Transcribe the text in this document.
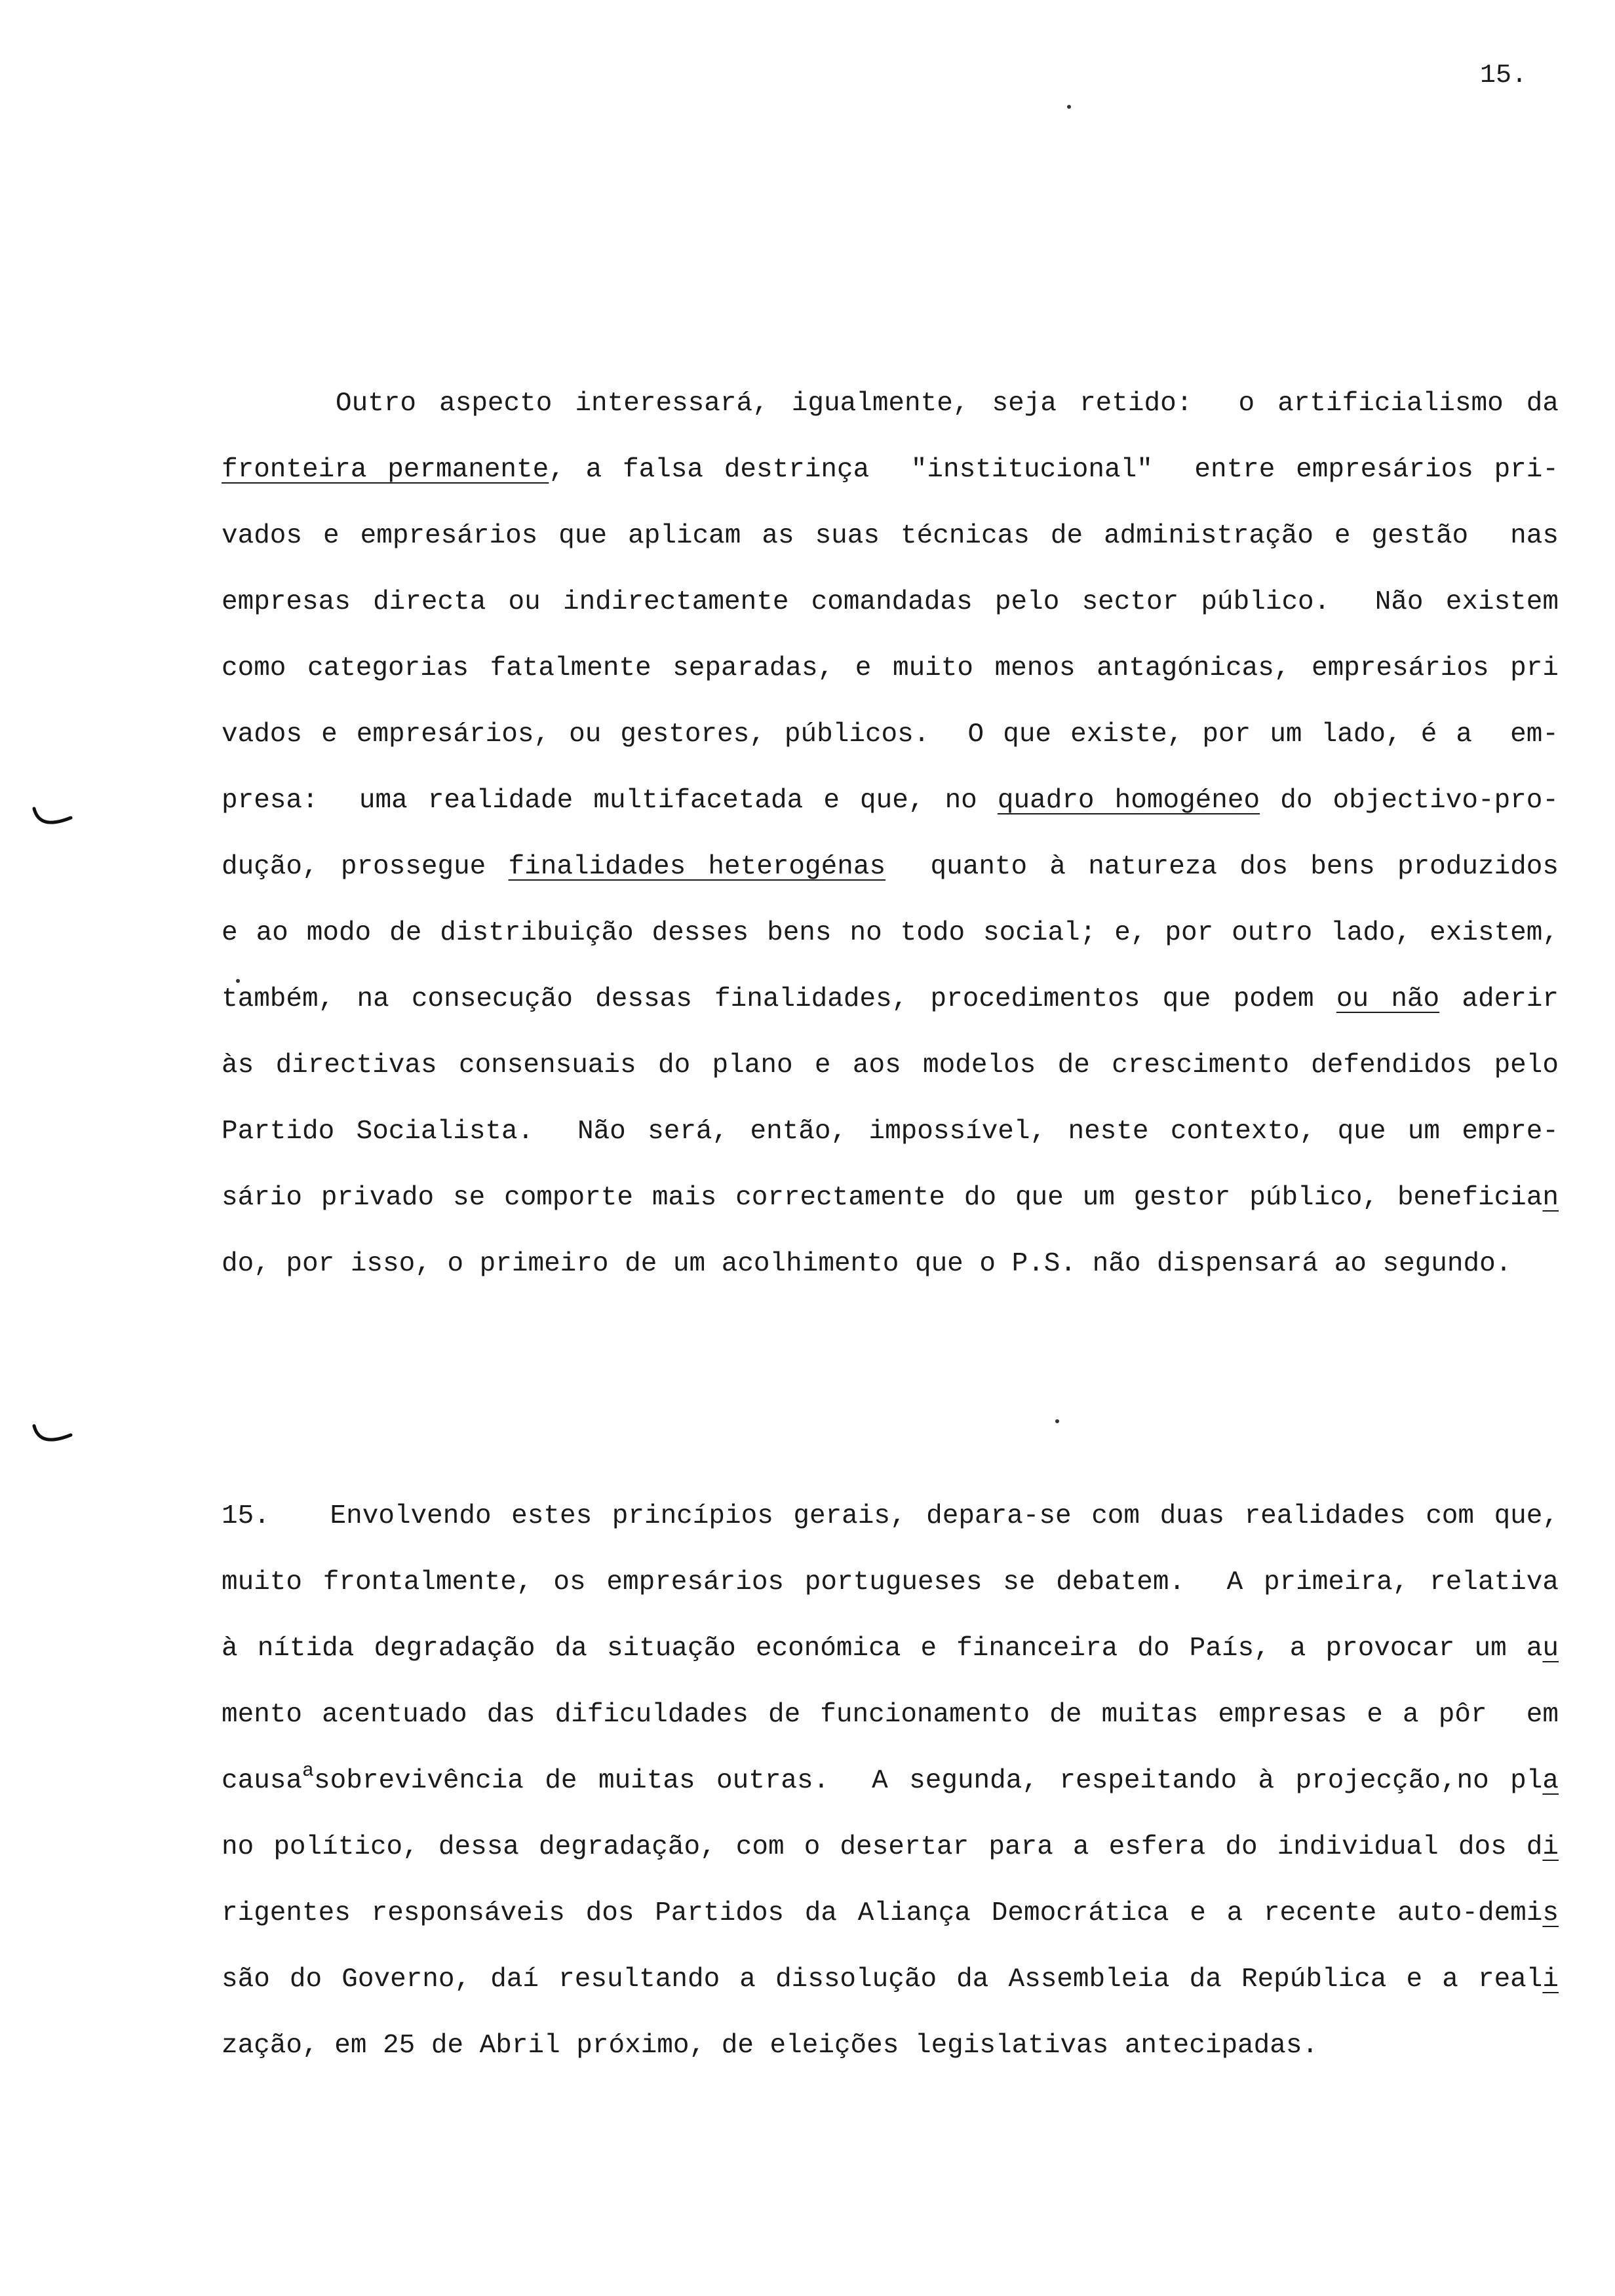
15.
Outro aspecto interessará, igualmente, seja retido:  o artificialismo da
fronteira permanente, a falsa destrinça  "institucional"  entre empresários pri-
vados e empresários que aplicam as suas técnicas de administração e gestão  nas
empresas directa ou indirectamente comandadas pelo sector público.  Não existem
como categorias fatalmente separadas, e muito menos antagónicas, empresários pri
vados e empresários, ou gestores, públicos.  O que existe, por um lado, é a  em-
presa:  uma realidade multifacetada e que, no quadro homogéneo do objectivo-pro-
dução, prossegue finalidades heterogénas  quanto à natureza dos bens produzidos
e ao modo de distribuição desses bens no todo social; e, por outro lado, existem,
também, na consecução dessas finalidades, procedimentos que podem ou não aderir
às directivas consensuais do plano e aos modelos de crescimento defendidos pelo
Partido Socialista.  Não será, então, impossível, neste contexto, que um empre-
sário privado se comporte mais correctamente do que um gestor público, benefician
do, por isso, o primeiro de um acolhimento que o P.S. não dispensará ao segundo.
15.   Envolvendo estes princípios gerais, depara-se com duas realidades com que,
muito frontalmente, os empresários portugueses se debatem.  A primeira, relativa
à nítida degradação da situação económica e financeira do País, a provocar um au
mento acentuado das dificuldades de funcionamento de muitas empresas e a pôr  em
causa$^a$sobrevivência de muitas outras.  A segunda, respeitando à projecção,no pla
no político, dessa degradação, com o desertar para a esfera do individual dos di
rigentes responsáveis dos Partidos da Aliança Democrática e a recente auto-demis
são do Governo, daí resultando a dissolução da Assembleia da República e a reali
zação, em 25 de Abril próximo, de eleições legislativas antecipadas.
